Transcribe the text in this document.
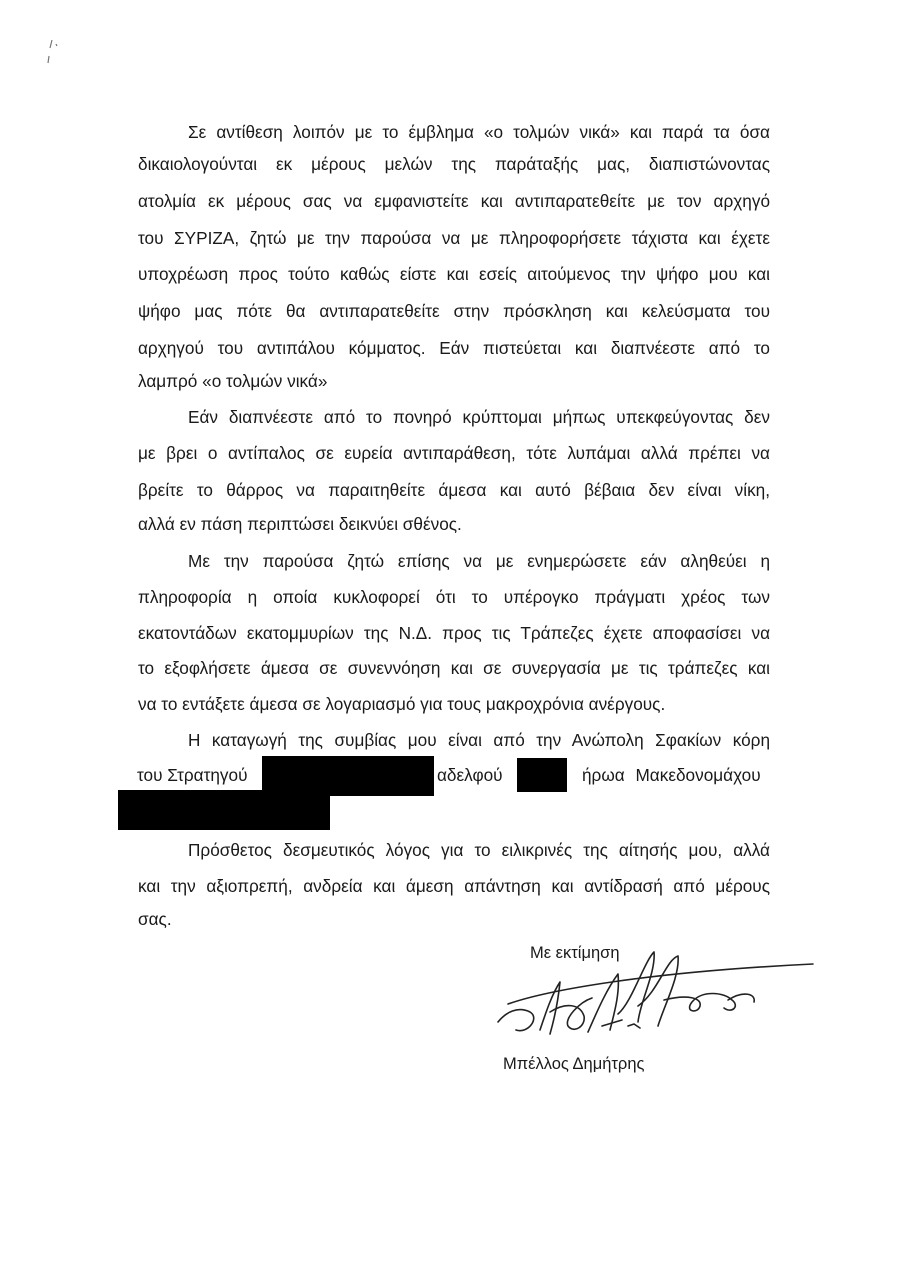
Σε αντίθεση λοιπόν με το έμβλημα «ο τολμών νικά» και παρά τα όσα
δικαιολογούνται εκ μέρους μελών της παράταξής μας, διαπιστώνοντας
ατολμία εκ μέρους σας να εμφανιστείτε και αντιπαρατεθείτε με τον αρχηγό
του ΣΥΡΙΖΑ, ζητώ με την παρούσα να με πληροφορήσετε τάχιστα και έχετε
υποχρέωση προς τούτο καθώς είστε και εσείς αιτούμενος την ψήφο μου και
ψήφο μας πότε θα αντιπαρατεθείτε στην πρόσκληση και κελεύσματα του
αρχηγού του αντιπάλου κόμματος. Εάν πιστεύεται και διαπνέεστε από το
λαμπρό «ο τολμών νικά»
Εάν διαπνέεστε από το πονηρό κρύπτομαι μήπως υπεκφεύγοντας δεν
με βρει ο αντίπαλος σε ευρεία αντιπαράθεση, τότε λυπάμαι αλλά πρέπει να
βρείτε το θάρρος να παραιτηθείτε άμεσα και αυτό βέβαια δεν είναι νίκη,
αλλά εν πάση περιπτώσει δεικνύει σθένος.
Με την παρούσα ζητώ επίσης να με ενημερώσετε εάν αληθεύει η
πληροφορία η οποία κυκλοφορεί ότι το υπέρογκο πράγματι χρέος των
εκατοντάδων εκατομμυρίων της Ν.Δ. προς τις Τράπεζες έχετε αποφασίσει να
το εξοφλήσετε άμεσα σε συνεννόηση και σε συνεργασία με τις τράπεζες και
να το εντάξετε άμεσα σε λογαριασμό για τους μακροχρόνια ανέργους.
Η καταγωγή της συμβίας μου είναι από την Ανώπολη Σφακίων κόρη
του Στρατηγού	αδελφού	ήρωα Μακεδονομάχου
Πρόσθετος δεσμευτικός λόγος για το ειλικρινές της αίτησής μου, αλλά
και την αξιοπρεπή, ανδρεία και άμεση απάντηση και αντίδρασή από μέρους
σας.
Με εκτίμηση
Μπέλλος Δημήτρης
